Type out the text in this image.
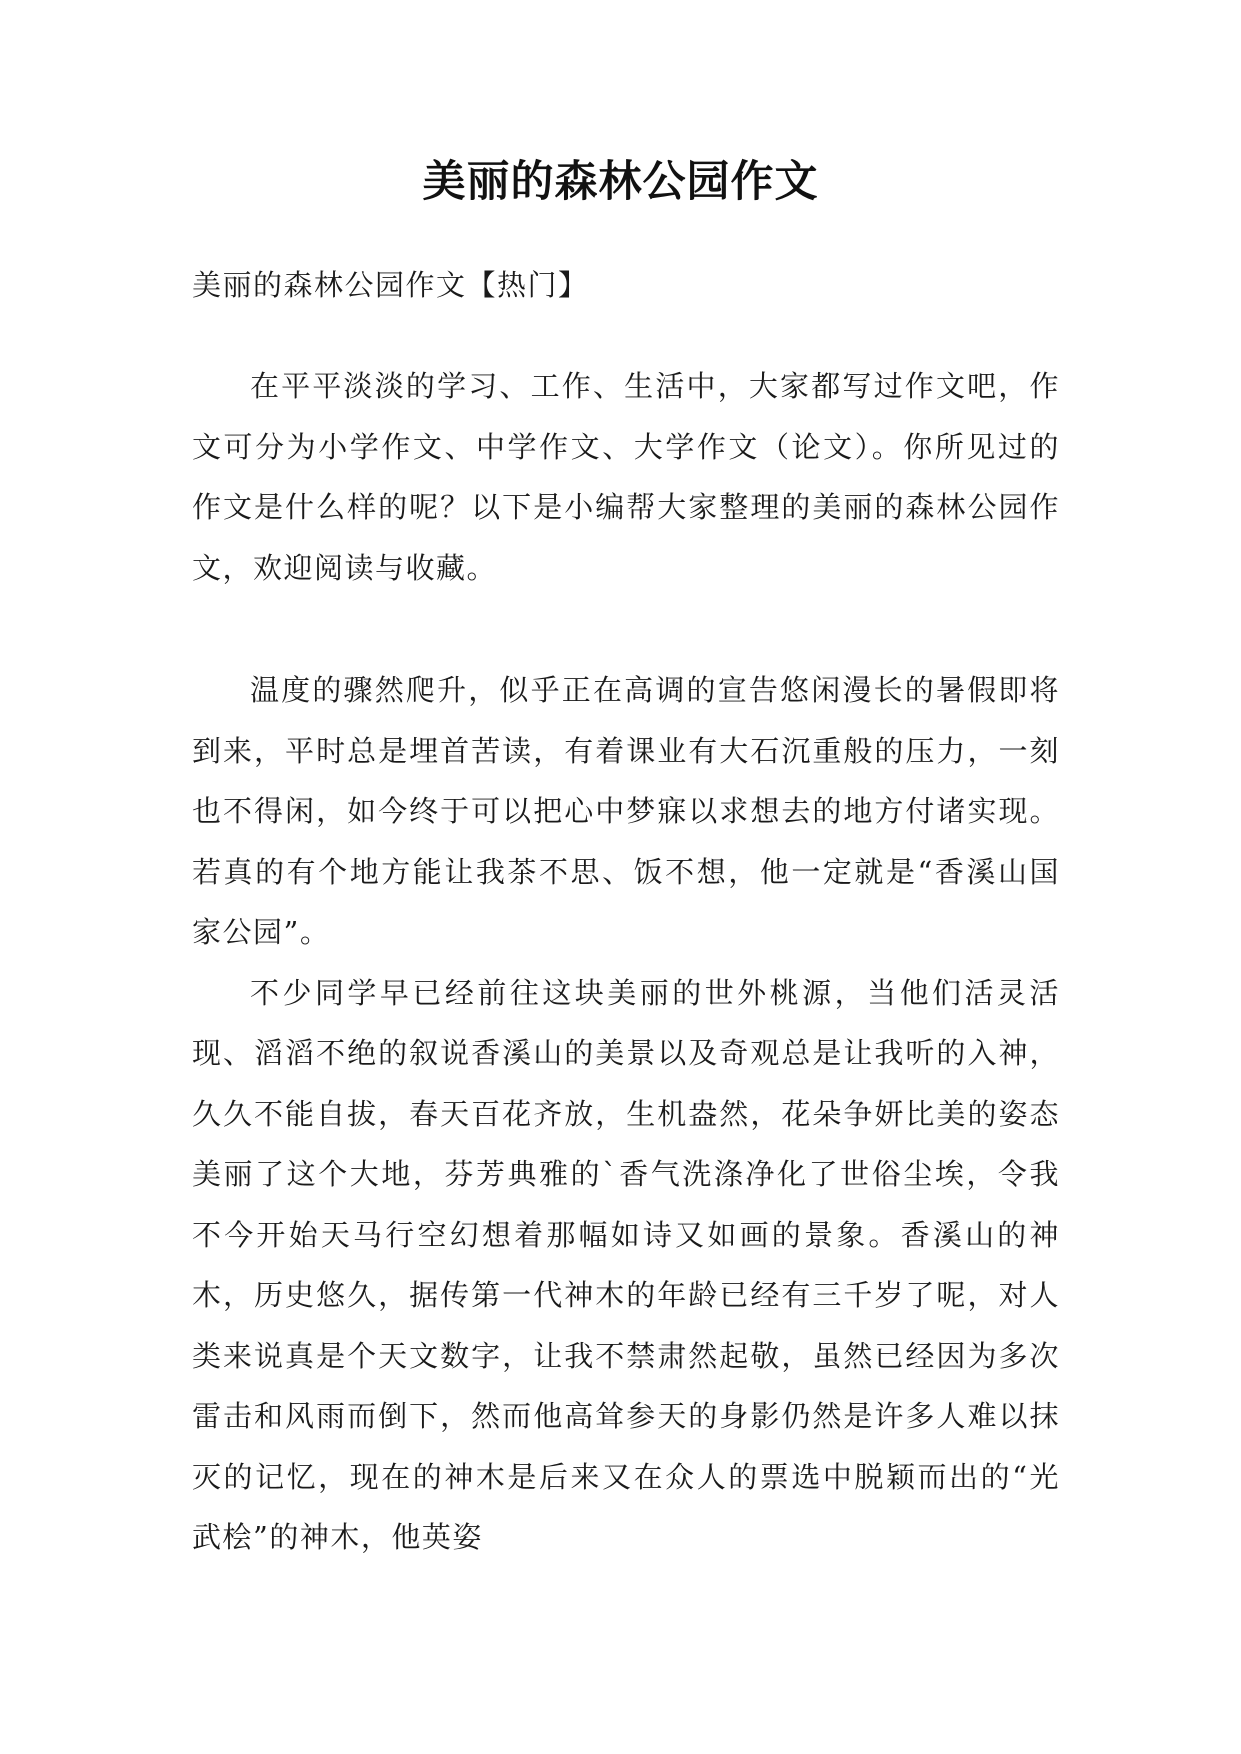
美丽的森林公园作文
美丽的森林公园作文【热门】

在平平淡淡的学习、工作、生活中，大家都写过作文吧，作文可分为小学作文、中学作文、大学作文（论文）。你所见过的作文是什么样的呢？以下是小编帮大家整理的美丽的森林公园作文，欢迎阅读与收藏。

温度的骤然爬升，似乎正在高调的宣告悠闲漫长的暑假即将到来，平时总是埋首苦读，有着课业有大石沉重般的压力，一刻也不得闲，如今终于可以把心中梦寐以求想去的地方付诸实现。若真的有个地方能让我茶不思、饭不想，他一定就是“香溪山国家公园”。

不少同学早已经前往这块美丽的世外桃源，当他们活灵活现、滔滔不绝的叙说香溪山的美景以及奇观总是让我听的入神，久久不能自拔，春天百花齐放，生机盎然，花朵争妍比美的姿态美丽了这个大地，芬芳典雅的`香气洗涤净化了世俗尘埃，令我不今开始天马行空幻想着那幅如诗又如画的景象。香溪山的神木，历史悠久，据传第一代神木的年龄已经有三千岁了呢，对人类来说真是个天文数字，让我不禁肃然起敬，虽然已经因为多次雷击和风雨而倒下，然而他高耸参天的身影仍然是许多人难以抹灭的记忆，现在的神木是后来又在众人的票选中脱颖而出的“光武桧”的神木，他英姿
